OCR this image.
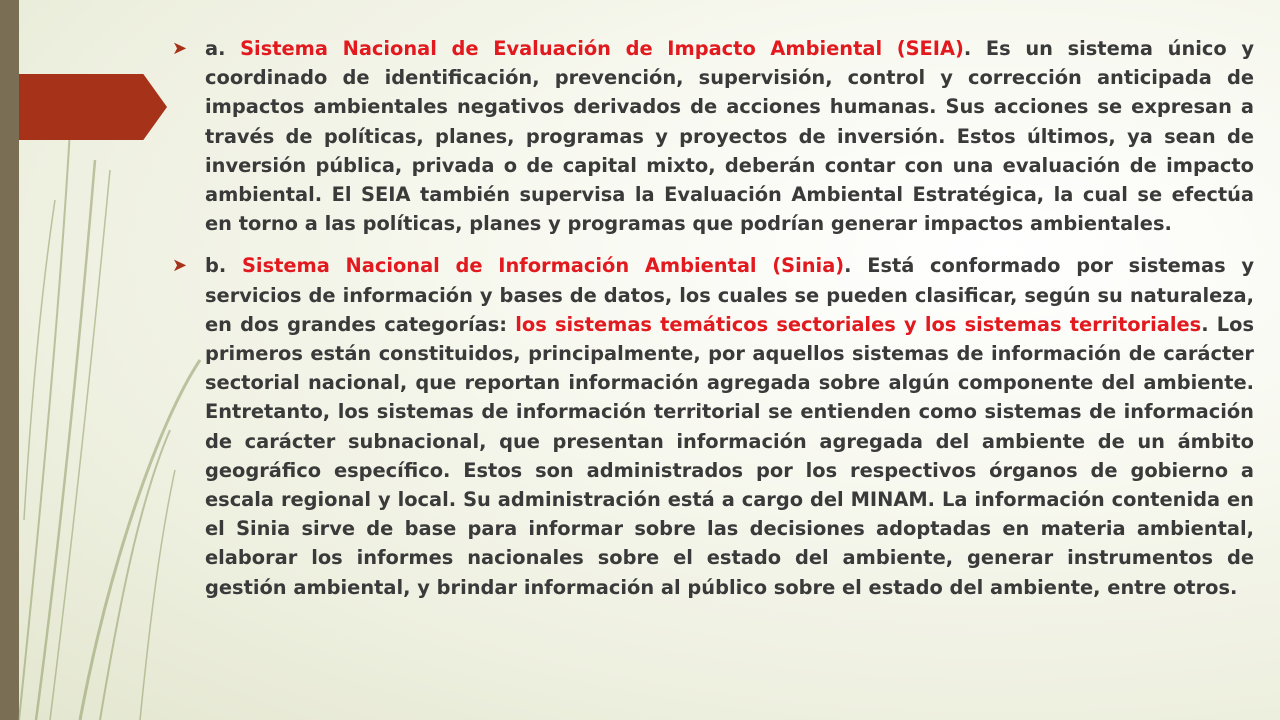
➤ a. Sistema Nacional de Evaluación de Impacto Ambiental (SEIA). Es un sistema único y coordinado de identificación, prevención, supervisión, control y corrección anticipada de impactos ambientales negativos derivados de acciones humanas. Sus acciones se expresan a través de políticas, planes, programas y proyectos de inversión. Estos últimos, ya sean de inversión pública, privada o de capital mixto, deberán contar con una evaluación de impacto ambiental. El SEIA también supervisa la Evaluación Ambiental Estratégica, la cual se efectúa en torno a las políticas, planes y programas que podrían generar impactos ambientales.

➤ b. Sistema Nacional de Información Ambiental (Sinia). Está conformado por sistemas y servicios de información y bases de datos, los cuales se pueden clasificar, según su naturaleza, en dos grandes categorías: los sistemas temáticos sectoriales y los sistemas territoriales. Los primeros están constituidos, principalmente, por aquellos sistemas de información de carácter sectorial nacional, que reportan información agregada sobre algún componente del ambiente. Entretanto, los sistemas de información territorial se entienden como sistemas de información de carácter subnacional, que presentan información agregada del ambiente de un ámbito geográfico específico. Estos son administrados por los respectivos órganos de gobierno a escala regional y local. Su administración está a cargo del MINAM. La información contenida en el Sinia sirve de base para informar sobre las decisiones adoptadas en materia ambiental, elaborar los informes nacionales sobre el estado del ambiente, generar instrumentos de gestión ambiental, y brindar información al público sobre el estado del ambiente, entre otros.
